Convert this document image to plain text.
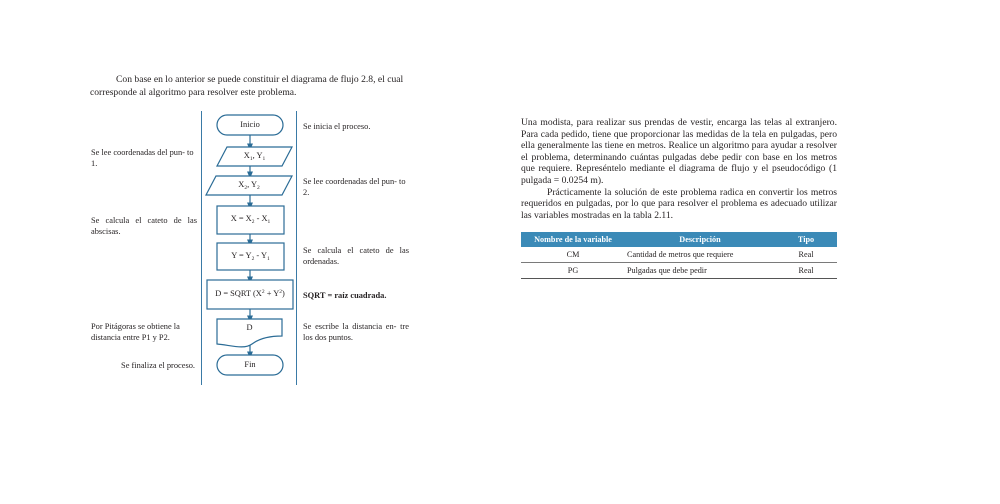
Con base en lo anterior se puede constituir el diagrama de flujo 2.8, el cual corresponde al algoritmo para resolver este problema.
Inicio
$X_1$, $Y_1$
$X_2$, $Y_2$
$X = X_2 - X_1$
$Y = Y_2 - Y_1$
D = SQRT $(X^2 + Y^2)$
D
Fin
Se inicia el proceso.
Se lee coordenadas del pun- to 1.
Se lee coordenadas del pun- to 2.
Se calcula el cateto de las abscisas.
Se calcula el cateto de las ordenadas.
SQRT = raíz cuadrada.
Por Pitágoras se obtiene la distancia entre P1 y P2.
Se escribe la distancia en- tre los dos puntos.
Se finaliza el proceso.

Una modista, para realizar sus prendas de vestir, encarga las telas al extranjero. Para cada pedido, tiene que proporcionar las medidas de la tela en pulgadas, pero ella generalmente las tiene en metros. Realice un algoritmo para ayudar a resolver el problema, determinando cuántas pulgadas debe pedir con base en los metros que requiere. Represéntelo mediante el diagrama de flujo y el pseudocódigo (1 pulgada = 0.0254 m).

Prácticamente la solución de este problema radica en convertir los metros requeridos en pulgadas, por lo que para resolver el problema es adecuado utilizar las variables mostradas en la tabla 2.11.

Nombre de la variable	Descripción	Tipo
CM	Cantidad de metros que requiere	Real
PG	Pulgadas que debe pedir	Real
